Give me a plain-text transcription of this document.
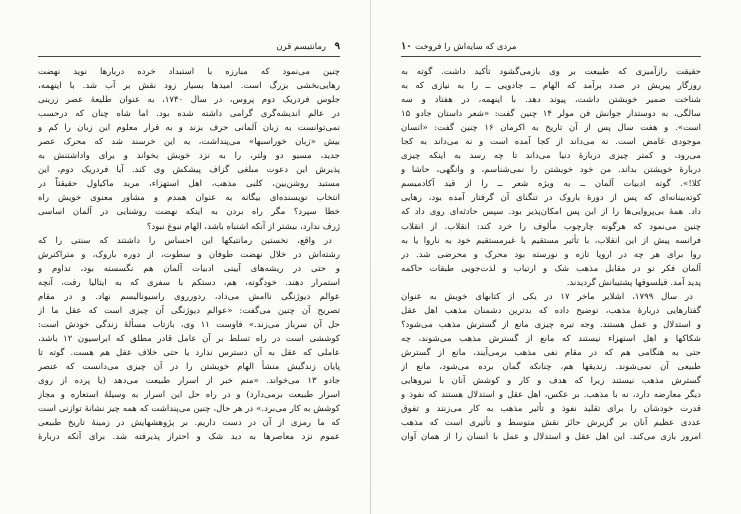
۹
رمانتیسم قرن
چنین می‌نمود که مبارزه با استبداد خرده دربارها نوید نهضت
رهایی‌بخشی بزرگ است. امیدها بسیار زود نقش بر آب شد. با اینهمه،
جلوس فردریک دوم پروس، در سال ۱۷۴۰، به عنوان طلیعهٔ عصر زرینی
در عالم اندیشه‌گری گرامی داشته شده بود. اما شاه چنان که درحسب
نمی‌توانست به زبان آلمانی حرف بزند و به قرار معلوم این زبان را کم و
بیش «زبان خوراسبها» می‌پنداشت، به این خرسند شد که محرک عصر
جدید، مسیو دو ولتر، را به نزد خویش بخواند و برای واداشتنش به
پذیرش این دعوت مبلغی گزاف پیشکش وی کند. آیا فردریک دوم، این
مستبد روشن‌بین، کلبی مذهب، اهل استهزاء، مرید ماکیاول حقیقتاً در
انتخاب نویسنده‌ای بیگانه به عنوان همدم و مشاور معنوی خویش راه
خطا سپرد؟ مگر راه بردن به اینکه نهضت روشنایی در آلمان اساسی
ژرف ندارد، بیشتر از آنکه اشتباه باشد، الهام نبوغ نبود؟
در واقع، نخستین رمانتیکها این احساس را داشتند که سنتی را که
رشته‌اش در خلال نهضت طوفان و سطوت، از دوره باروک، و متراکترش
و حتی در ریشه‌های آیینی ادبیات آلمان هم نگسسته بود، تداوم و
استمرار دهند. خودگوته، هم، دستکم با سفری که به ایتالیا رفت، آنچه
عوالم دیوژنگی ناامش می‌داد، ردورروی راسیونالیسم نهاد. و در مقام
تصریح آن چنین می‌گفت: «عوالم دیوژنگی آن چیزی است که عقل ما از
حل آن سرباز می‌زند.» فاوست ۱۱ وی، بازتاب مسألهٔ زندگی خودش است:
کوششی است در راه تسلط بر آن عامل قادر مطلق که ابراسیون ۱۲ باشد،
عاملی که عقل به آن دسترس ندارد یا حتی خلاف عقل هم هست. گوته تا
پایان زندگیش منشأ الهام خویشتن را در آن چیزی می‌دانست که عنصر
جادو ۱۳ می‌خواند. «منم خبر از اسرار طبیعت می‌دهد (یا پرده از روی
اسرار طبیعت برمی‌دارد) و در راه حل این اسرار به وسیلهٔ استعاره و مجاز
کوشش به کار می‌برد.» در هر حال، چنین می‌پنداشت که همه چیز نشانهٔ توازنی است
که ما رمزی از آن در دست داریم. بر پژوهشهایش در زمینهٔ تاریخ طبیعی
عموم نزد معاصرها به دید شک و احتراز پذیرفته شد. برای آنکه دربارهٔ
۱۰ مردی که سایه‌اش را فروخت
حقیقت رازآمیزی که طبیعت بر وی بازمی‌گشود تأکید داشت. گوته به
روزگار پیریش در صدد برآمد که الهام ــ جادویی ــ را به نیازی که به
شناخت ضمیر خویشتن داشت، پیوند دهد. با اینهمه، در هفتاد و سه
سالگی، به دوستدار جوانش فن مولر ۱۴ چنین گفت: «شعر داستان جادو ۱۵
است». و هفت سال پس از آن تاریخ به اکرمان ۱۶ چنین گفت: «انسان
موجودی غامض است. نه می‌داند از کجا آمده است و نه می‌داند به کجا
می‌رود، و کمتر چیزی دربارهٔ دنیا می‌داند تا چه رسد به اینکه چیزی
دربارهٔ خویشتن بداند. من خود خویشتن را نمی‌شناسم، و وانگهی، حاشا و
کلا!». گوته ادبیات آلمان ــ به ویژه شعر ــ را از قید آکادمیسم
کوته‌بینانه‌ای که پس از دورهٔ باروک در تنگنای آن گرفتار آمده بود، رهایی
داد. همهٔ بی‌پروایی‌ها را از این پس امکان‌پذیر بود. سپس حادثه‌ای روی داد که
چنین می‌نمود که هرگونه چارچوب مألوف را خرد کند: انقلاب. از انقلاب
فرانسه پیش از این انقلاب، با تأثیر مستقیم یا غیرمستقیم خود به ناروا یا به
روا برای هر چه در اروپا تازه و نورسته بود محرک و محرضی شد. در
آلمان فکر نو در مقابل مذهب شک و ارتیاب و لذت‌جویی طبقات حاکمه
پدید آمد. فیلسوفها پشتیبانش گردیدند.
در سال ۱۷۹۹، اشلایر ماخر ۱۷ در یکی از کتابهای خویش به عنوان
گفتارهایی دربارهٔ مذهب، توضیح داده که بدترین دشمنان مذهب اهل عقل
و استدلال و عمل هستند. وجه تیره چیزی مانع از گسترش مذهب می‌شود؟
شکاکها و اهل استهزاء نیستند که مانع از گسترش مذهب می‌شوند، چه
حتی به هنگامی هم که در مقام نفی مذهب برمی‌آیند، مانع از گسترش
طبیعی آن نمی‌شوند. زندیقها هم، چنانکه گمان برده می‌شود، مانع از
گسترش مذهب نیستند زیرا که هدف و کار و کوشش آنان با نیروهایی
دیگر معارضه دارد، نه با مذهب. بر عکس، اهل عقل و استدلال هستند که نفوذ و
قدرت خودشان را برای تقلید نفوذ و تأثیر مذهب به کار می‌زنند و تفوق
عددی عظیم آنان بر گزیرش حائز نقش متوسط و تأثیری است که مذهب
امروز بازی می‌کند. این اهل عقل و استدلال و عمل با انسان را از همان آوان
